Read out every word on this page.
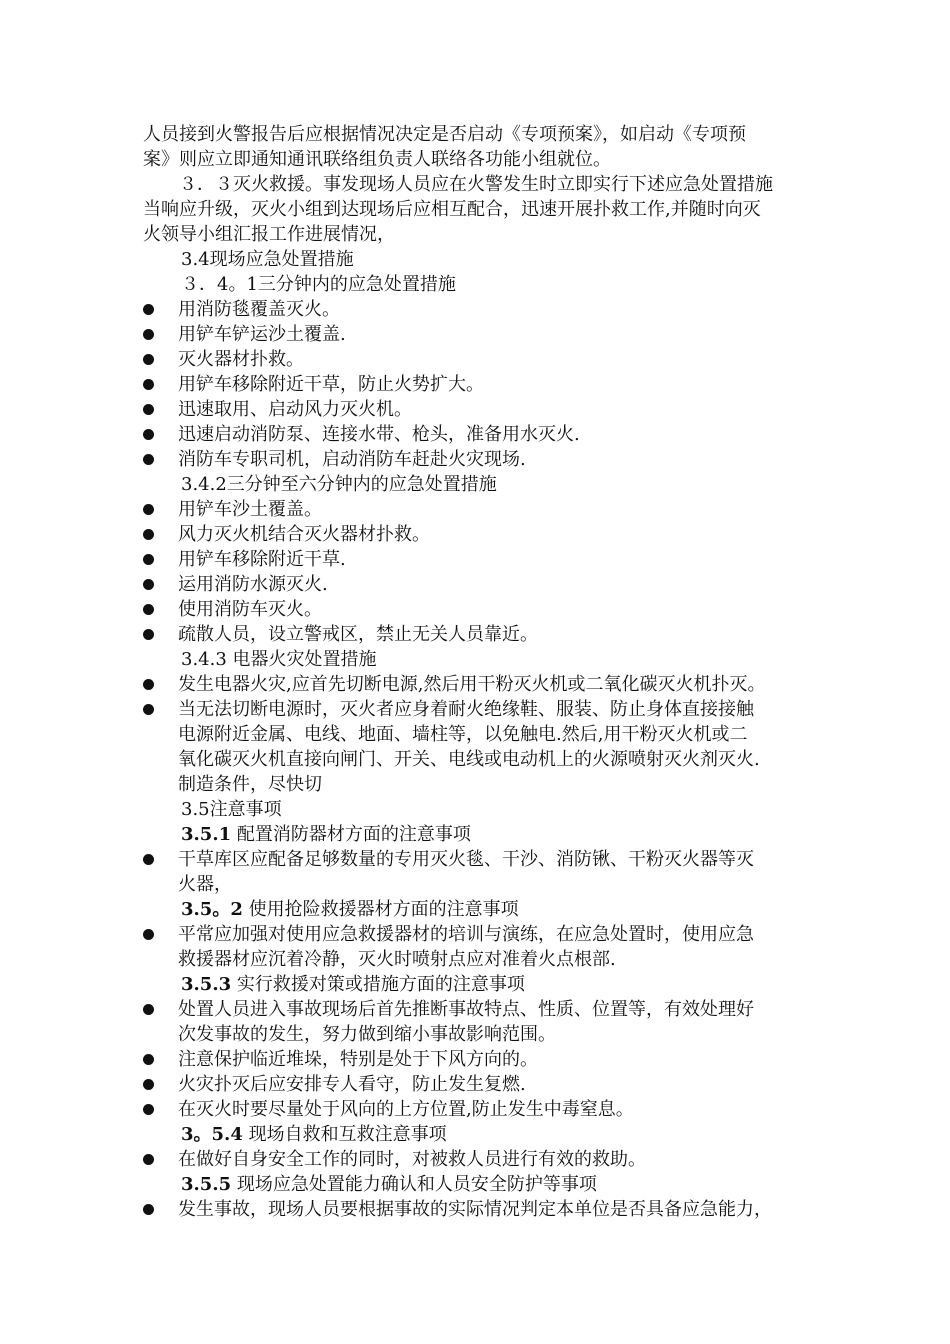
人员接到火警报告后应根据情况决定是否启动《专项预案》，如启动《专项预
案》则应立即通知通讯联络组负责人联络各功能小组就位。
３．３灭火救援。事发现场人员应在火警发生时立即实行下述应急处置措施
当响应升级，灭火小组到达现场后应相互配合，迅速开展扑救工作,并随时向灭
火领导小组汇报工作进展情况，
3.4现场应急处置措施
３．4。1三分钟内的应急处置措施
用消防毯覆盖灭火。
用铲车铲运沙土覆盖.
灭火器材扑救。
用铲车移除附近干草，防止火势扩大。
迅速取用、启动风力灭火机。
迅速启动消防泵、连接水带、枪头，准备用水灭火.
消防车专职司机，启动消防车赶赴火灾现场.
3.4.2三分钟至六分钟内的应急处置措施
用铲车沙土覆盖。
风力灭火机结合灭火器材扑救。
用铲车移除附近干草.
运用消防水源灭火.
使用消防车灭火。
疏散人员，设立警戒区，禁止无关人员靠近。
3.4.3 电器火灾处置措施
发生电器火灾,应首先切断电源,然后用干粉灭火机或二氧化碳灭火机扑灭。
当无法切断电源时，灭火者应身着耐火绝缘鞋、服装、防止身体直接接触
电源附近金属、电线、地面、墙柱等，以免触电.然后,用干粉灭火机或二
氧化碳灭火机直接向闸门、开关、电线或电动机上的火源喷射灭火剂灭火.
制造条件，尽快切
3.5注意事项
3.5.1 配置消防器材方面的注意事项
干草库区应配备足够数量的专用灭火毯、干沙、消防锹、干粉灭火器等灭
火器，
3.5。2 使用抢险救援器材方面的注意事项
平常应加强对使用应急救援器材的培训与演练，在应急处置时，使用应急
救援器材应沉着冷静，灭火时喷射点应对准着火点根部.
3.5.3 实行救援对策或措施方面的注意事项
处置人员进入事故现场后首先推断事故特点、性质、位置等，有效处理好
次发事故的发生，努力做到缩小事故影响范围。
注意保护临近堆垛，特别是处于下风方向的。
火灾扑灭后应安排专人看守，防止发生复燃.
在灭火时要尽量处于风向的上方位置,防止发生中毒窒息。
3。5.4 现场自救和互救注意事项
在做好自身安全工作的同时，对被救人员进行有效的救助。
3.5.5 现场应急处置能力确认和人员安全防护等事项
发生事故，现场人员要根据事故的实际情况判定本单位是否具备应急能力，
